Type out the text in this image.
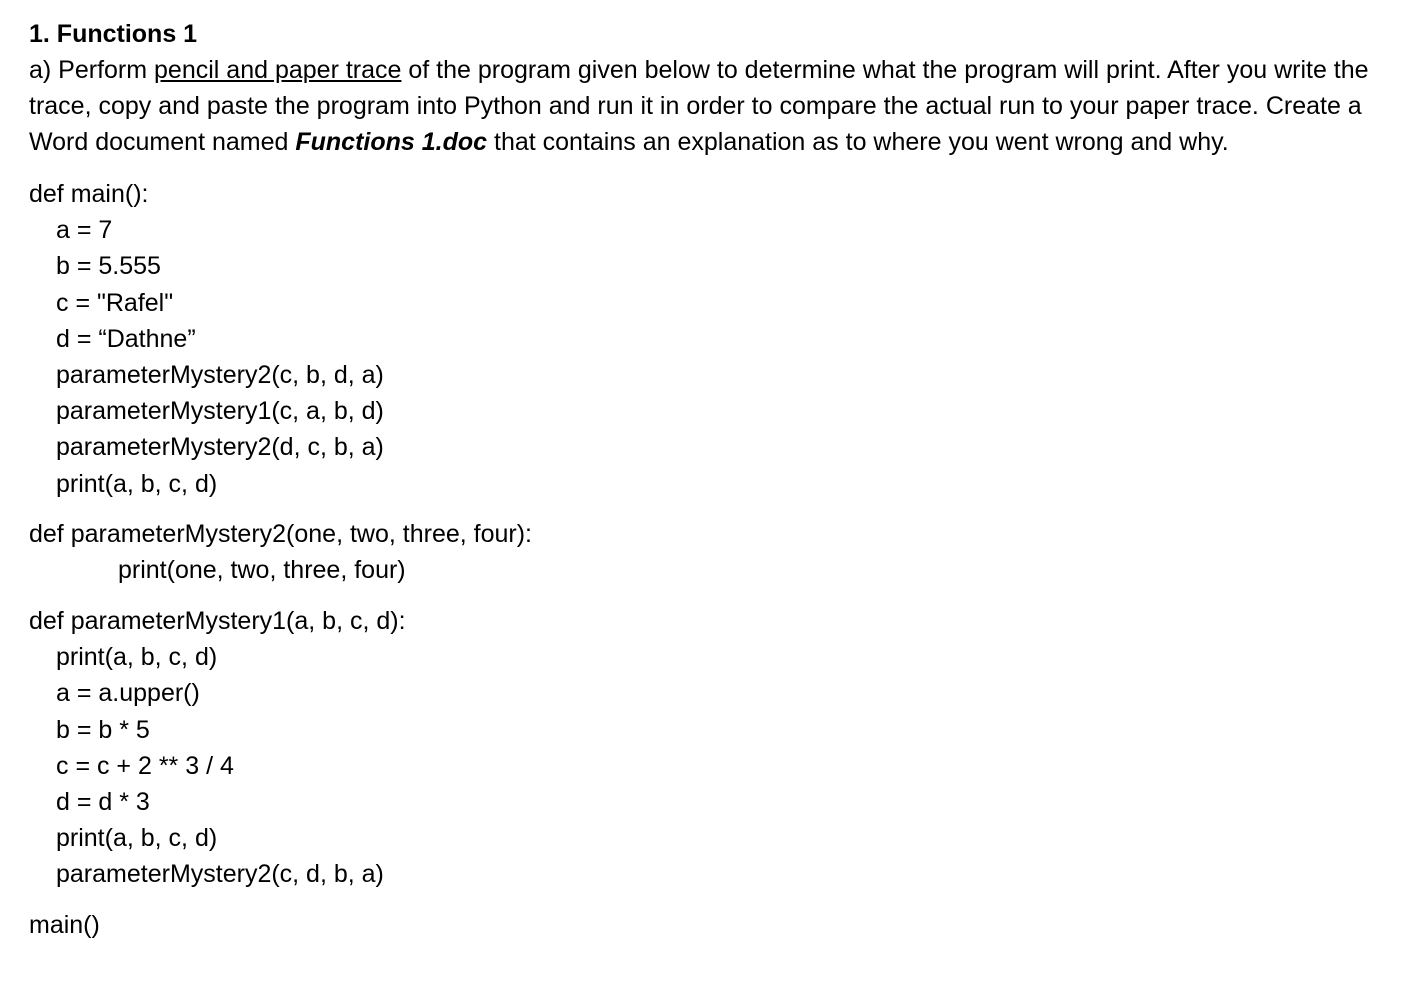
1. Functions 1

a) Perform pencil and paper trace of the program given below to determine what the program will print. After you write the trace, copy and paste the program into Python and run it in order to compare the actual run to your paper trace. Create a Word document named Functions 1.doc that contains an explanation as to where you went wrong and why.

def main():
a = 7
b = 5.555
c = "Rafel"
d = “Dathne”
parameterMystery2(c, b, d, a)
parameterMystery1(c, a, b, d)
parameterMystery2(d, c, b, a)
print(a, b, c, d)
def parameterMystery2(one, two, three, four):
print(one, two, three, four)
def parameterMystery1(a, b, c, d):
print(a, b, c, d)
a = a.upper()
b = b * 5
c = c + 2 ** 3 / 4
d = d * 3
print(a, b, c, d)
parameterMystery2(c, d, b, a)
main()
